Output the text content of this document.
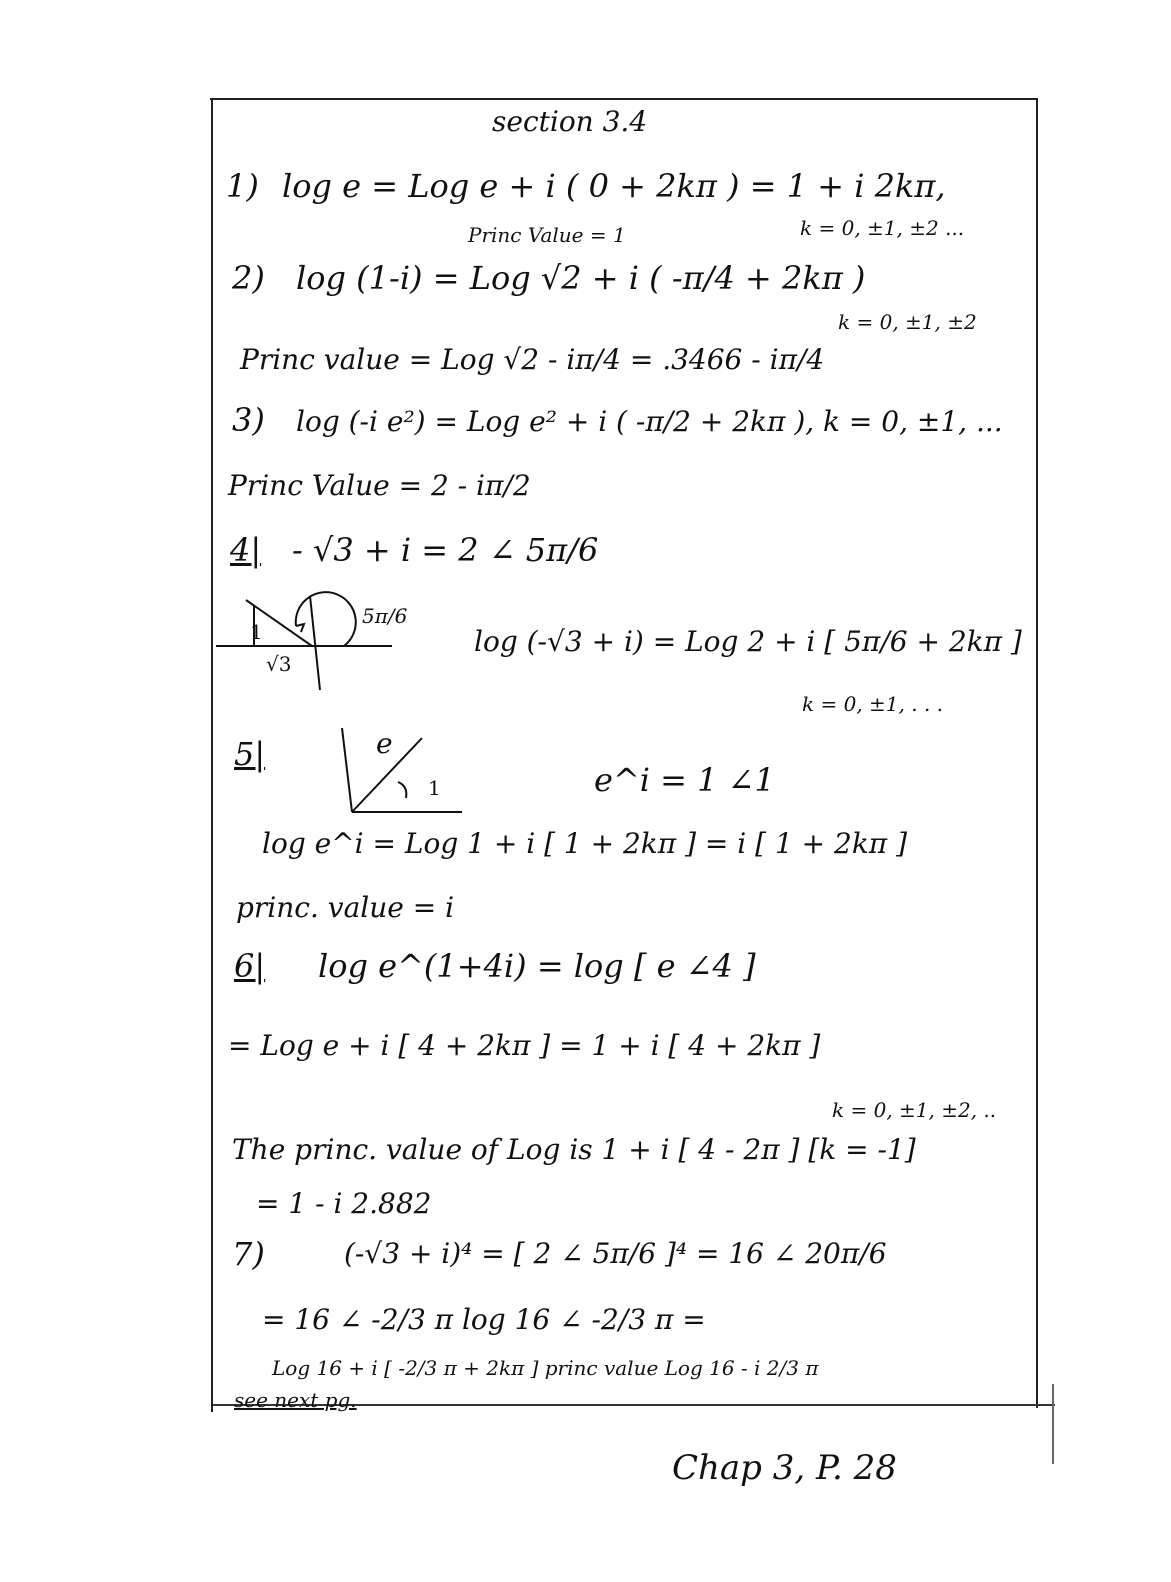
section 3.4
1) log e = Log e + i ( 0 + 2kπ ) = 1 + i 2kπ,
k = 0, ±1, ±2 ...
Princ Value = 1
2) log (1-i) = Log √2 + i ( -π/4 + 2kπ )
k = 0, ±1, ±2
Princ value = Log √2 - iπ/4 = .3466 - iπ/4
3) log (-i e²) = Log e² + i ( -π/2 + 2kπ ), k = 0, ±1, ...
Princ Value = 2 - iπ/2
4| - √3 + i = 2 ∠ 5π/6
5π/6
1
√3
log (-√3 + i) = Log 2 + i [ 5π/6 + 2kπ ]
k = 0, ±1, . . .
5|	e
1	e^i = 1 ∠1
log e^i = Log 1 + i [ 1 + 2kπ ] = i [ 1 + 2kπ ]
princ. value = i
6| log e^(1+4i) = log [ e ∠4 ]
= Log e + i [ 4 + 2kπ ] = 1 + i [ 4 + 2kπ ]
k = 0, ±1, ±2, ..
The princ. value of Log is 1 + i [ 4 - 2π ] [k = -1]
= 1 - i 2.882
7)	(-√3 + i)⁴ = [ 2 ∠ 5π/6 ]⁴ = 16 ∠ 20π/6
= 16 ∠ -2/3 π log 16 ∠ -2/3 π =
Log 16 + i [ -2/3 π + 2kπ ] princ value Log 16 - i 2/3 π
see next pg.
Chap 3, P. 28
